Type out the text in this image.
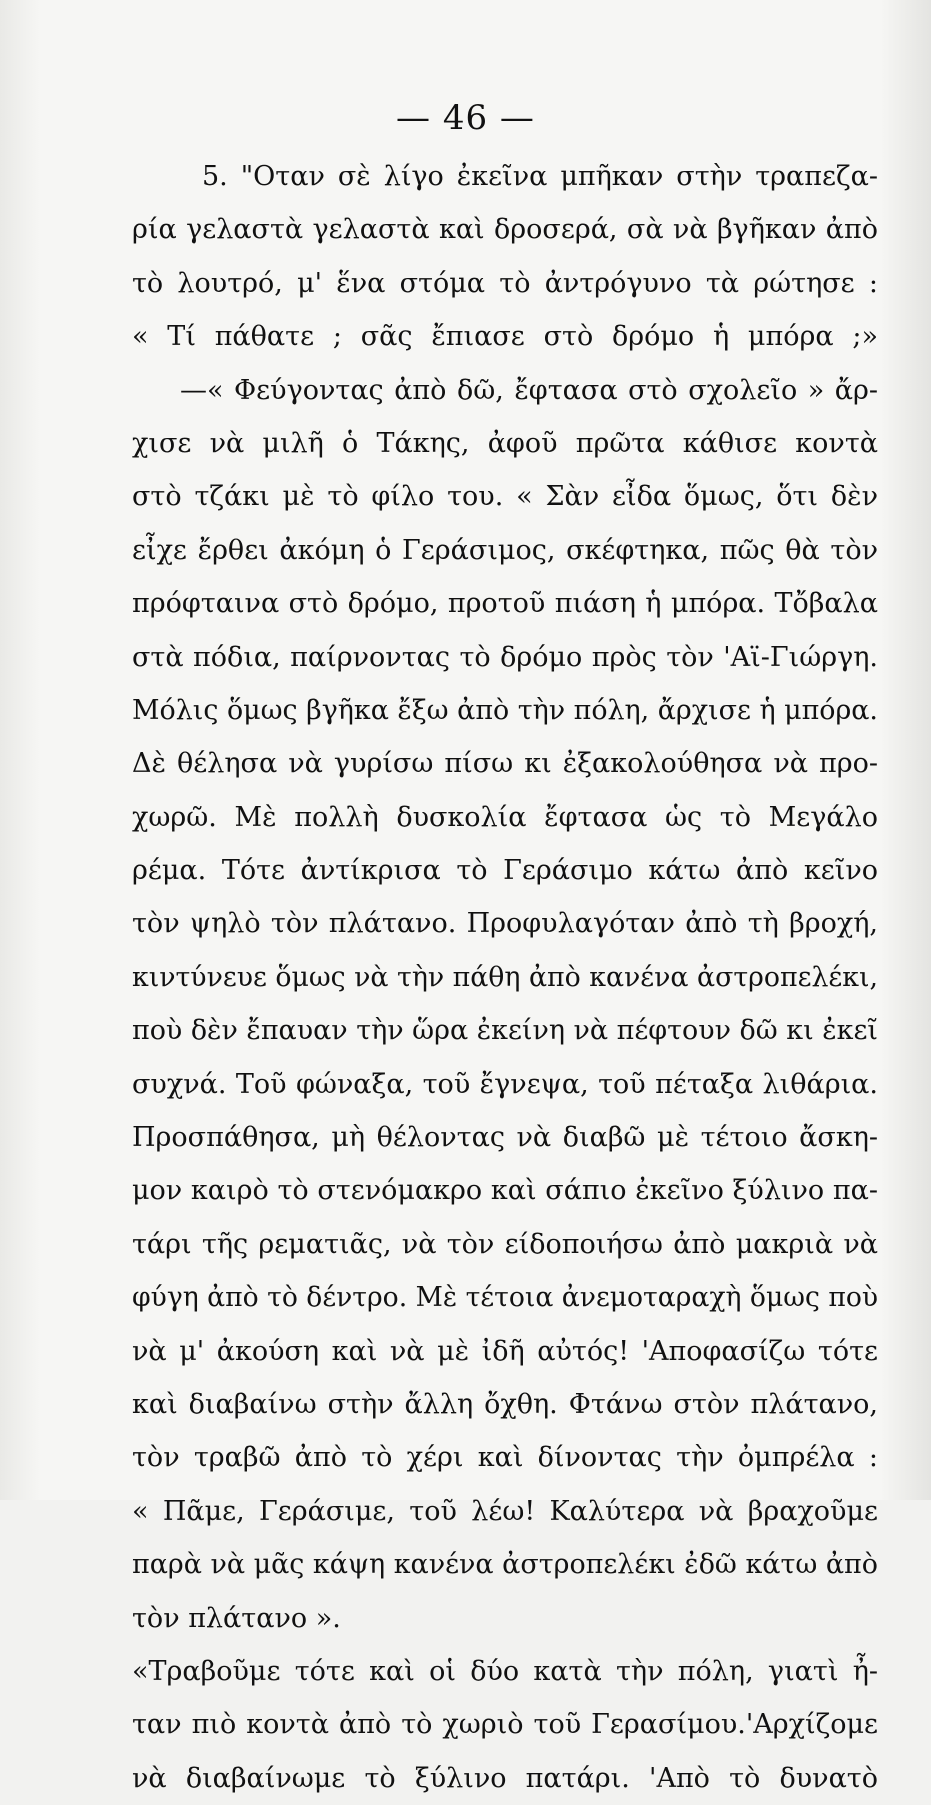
— 46 —
5. "Οταν σὲ λίγο ἐκεῖνα μπῆκαν στὴν τραπεζα-
ρία γελαστὰ γελαστὰ καὶ δροσερά, σὰ νὰ βγῆκαν ἀπὸ
τὸ λουτρό, μ' ἕνα στόμα τὸ ἀντρόγυνο τὰ ρώτησε :
« Τί πάθατε ; σᾶς ἔπιασε στὸ δρόμο ἡ μπόρα ;»
—« Φεύγοντας ἀπὸ δῶ, ἔφτασα στὸ σχολεῖο » ἄρ-
χισε νὰ μιλῆ ὁ Τάκης, ἀφοῦ πρῶτα κάθισε κοντὰ
στὸ τζάκι μὲ τὸ φίλο του. « Σὰν εἶδα ὅμως, ὅτι δὲν
εἶχε ἔρθει ἀκόμη ὁ Γεράσιμος, σκέφτηκα, πῶς θὰ τὸν
πρόφταινα στὸ δρόμο, προτοῦ πιάση ἡ μπόρα. Τὄβαλα
στὰ πόδια, παίρνοντας τὸ δρόμο πρὸς τὸν 'Αϊ-Γιώργη.
Μόλις ὅμως βγῆκα ἔξω ἀπὸ τὴν πόλη, ἄρχισε ἡ μπόρα.
Δὲ θέλησα νὰ γυρίσω πίσω κι ἐξακολούθησα νὰ προ-
χωρῶ. Μὲ πολλὴ δυσκολία ἔφτασα ὡς τὸ Μεγάλο
ρέμα. Τότε ἀντίκρισα τὸ Γεράσιμο κάτω ἀπὸ κεῖνο
τὸν ψηλὸ τὸν πλάτανο. Προφυλαγόταν ἀπὸ τὴ βροχή,
κιντύνευε ὅμως νὰ τὴν πάθη ἀπὸ κανένα ἀστροπελέκι,
ποὺ δὲν ἔπαυαν τὴν ὥρα ἐκείνη νὰ πέφτουν δῶ κι ἐκεῖ
συχνά. Τοῦ φώναξα, τοῦ ἔγνεψα, τοῦ πέταξα λιθάρια.
Προσπάθησα, μὴ θέλοντας νὰ διαβῶ μὲ τέτοιο ἄσκη-
μον καιρὸ τὸ στενόμακρο καὶ σάπιο ἐκεῖνο ξύλινο πα-
τάρι τῆς ρεματιᾶς, νὰ τὸν είδοποιήσω ἀπὸ μακριὰ νὰ
φύγη ἀπὸ τὸ δέντρο. Μὲ τέτοια ἀνεμοταραχὴ ὅμως ποὺ
νὰ μ' ἀκούση καὶ νὰ μὲ ἰδῆ αὐτός! 'Αποφασίζω τότε
καὶ διαβαίνω στὴν ἄλλη ὄχθη. Φτάνω στὸν πλάτανο,
τὸν τραβῶ ἀπὸ τὸ χέρι καὶ δίνοντας τὴν ὀμπρέλα :
« Πᾶμε, Γεράσιμε, τοῦ λέω! Καλύτερα νὰ βραχοῦμε
παρὰ νὰ μᾶς κάψη κανένα ἀστροπελέκι ἐδῶ κάτω ἀπὸ
τὸν πλάτανο ».
«Τραβοῦμε τότε καὶ οἱ δύο κατὰ τὴν πόλη, γιατὶ ἦ-
ταν πιὸ κοντὰ ἀπὸ τὸ χωριὸ τοῦ Γερασίμου.'Αρχίζομε
νὰ διαβαίνωμε τὸ ξύλινο πατάρι. 'Απὸ τὸ δυνατὸ
